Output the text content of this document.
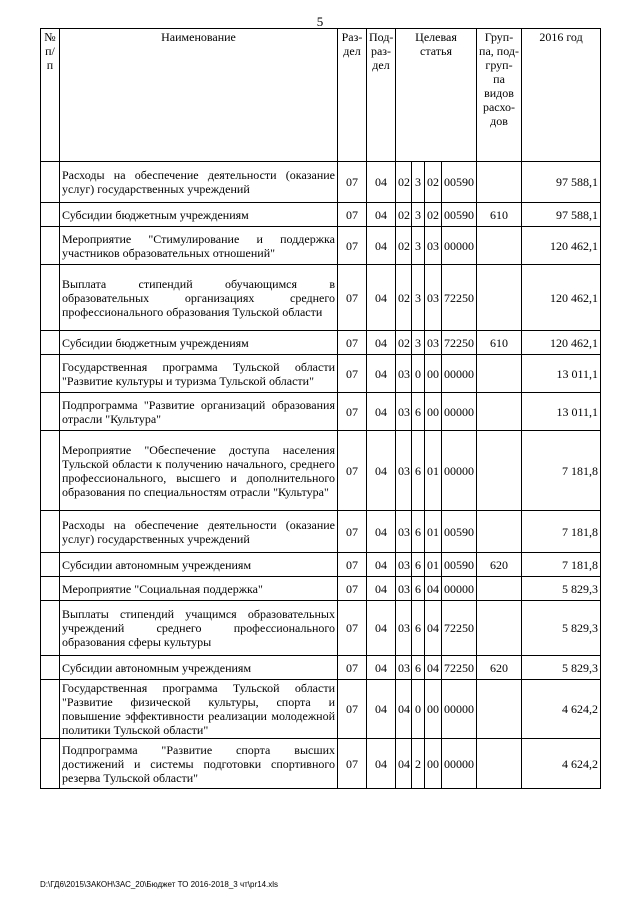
5
№ п/ п	Наименование	Раз- дел	Под- раз- дел	Целевая статья				Груп- па, под- груп- па видов расхо- дов	2016 год
	Расходы на обеспечение деятельности (оказание услуг) государственных учреждений	07	04	02	3	02	00590		97 588,1
	Субсидии бюджетным учреждениям	07	04	02	3	02	00590	610	97 588,1
	Мероприятие "Стимулирование и поддержка участников образовательных отношений"	07	04	02	3	03	00000		120 462,1
	Выплата стипендий обучающимся в образовательных организациях среднего профессионального образования Тульской области	07	04	02	3	03	72250		120 462,1
	Субсидии бюджетным учреждениям	07	04	02	3	03	72250	610	120 462,1
	Государственная программа Тульской области "Развитие культуры и туризма Тульской области"	07	04	03	0	00	00000		13 011,1
	Подпрограмма "Развитие организаций образования отрасли "Культура"	07	04	03	6	00	00000		13 011,1
	Мероприятие "Обеспечение доступа населения Тульской области к получению начального, среднего профессионального, высшего и дополнительного образования по специальностям отрасли "Культура"	07	04	03	6	01	00000		7 181,8
	Расходы на обеспечение деятельности (оказание услуг) государственных учреждений	07	04	03	6	01	00590		7 181,8
	Субсидии автономным учреждениям	07	04	03	6	01	00590	620	7 181,8
	Мероприятие "Социальная поддержка"	07	04	03	6	04	00000		5 829,3
	Выплаты стипендий учащимся образовательных учреждений среднего профессионального образования сферы культуры	07	04	03	6	04	72250		5 829,3
	Субсидии автономным учреждениям	07	04	03	6	04	72250	620	5 829,3
	Государственная программа Тульской области "Развитие физической культуры, спорта и повышение эффективности реализации молодежной политики Тульской области"	07	04	04	0	00	00000		4 624,2
	Подпрограмма "Развитие спорта высших достижений и системы подготовки спортивного резерва Тульской области"	07	04	04	2	00	00000		4 624,2
D:\ГД6\2015\ЗАКОН\ЗАС_20\Бюджет ТО 2016-2018_3 чт\pr14.xls
